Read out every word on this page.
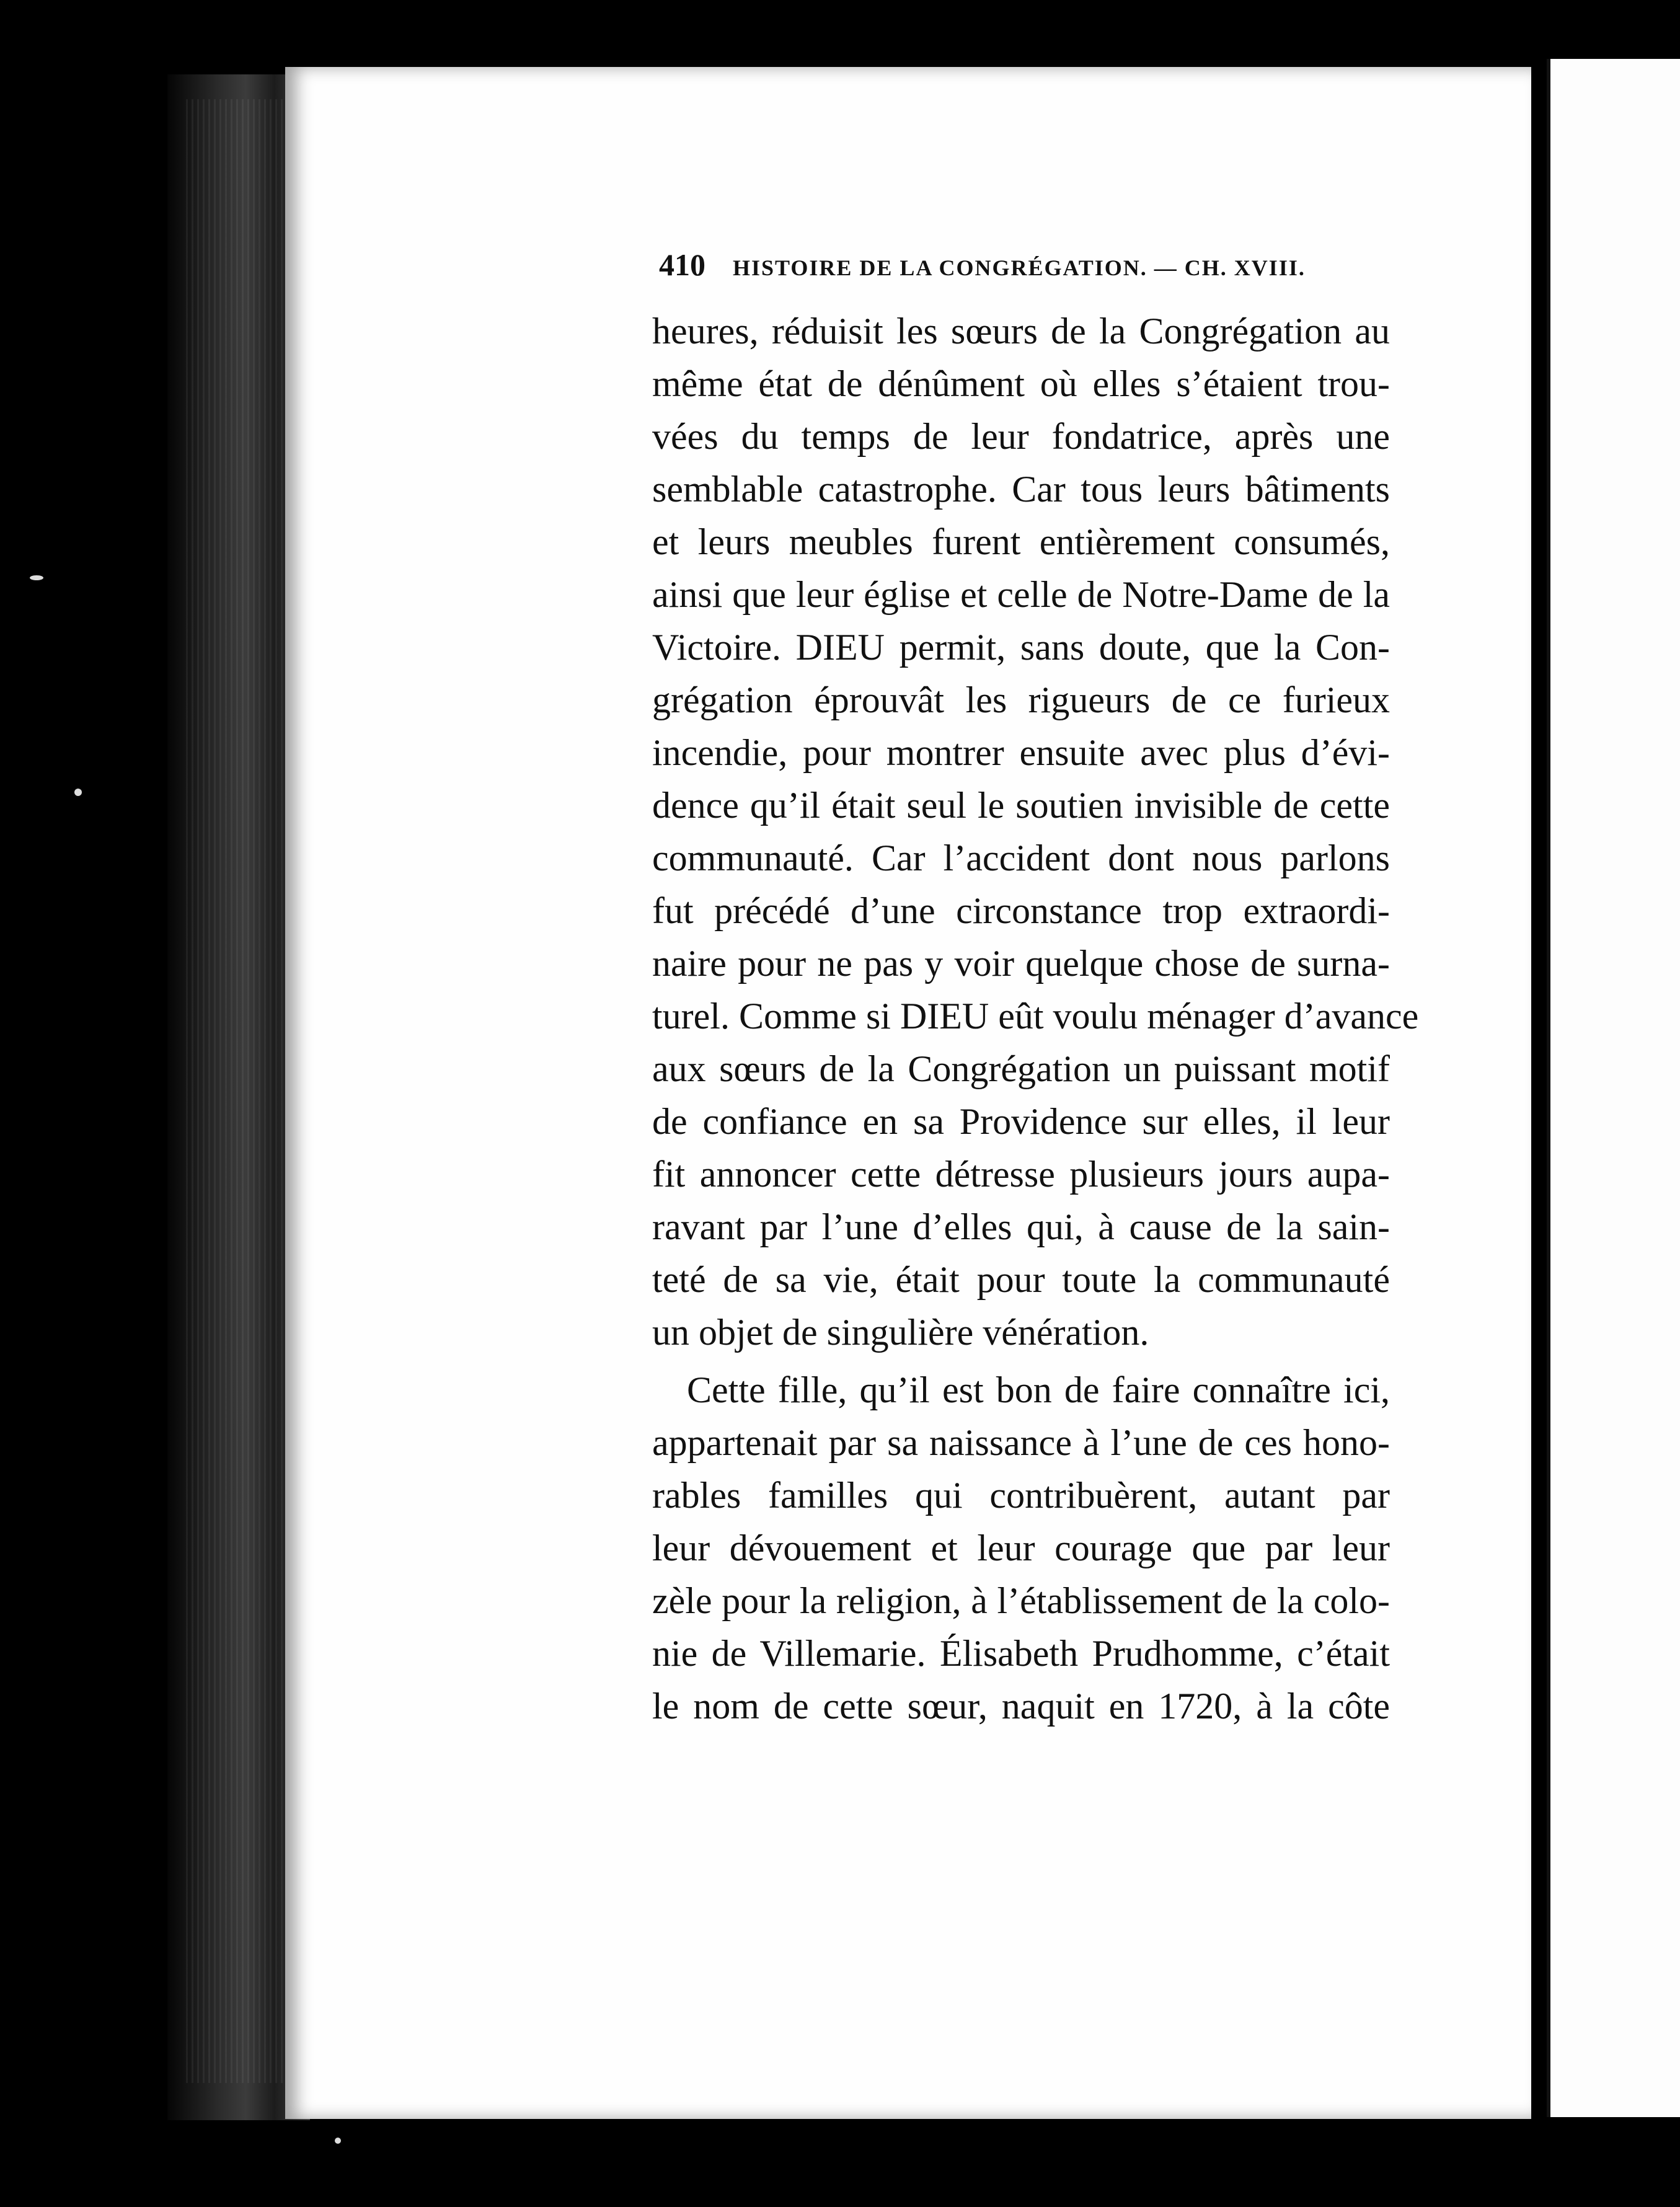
410 HISTOIRE DE LA CONGRÉGATION. — CH. XVIII.
heures, réduisit les sœurs de la Congrégation au
même état de dénûment où elles s’étaient trou-
vées du temps de leur fondatrice, après une
semblable catastrophe. Car tous leurs bâtiments
et leurs meubles furent entièrement consumés,
ainsi que leur église et celle de Notre-Dame de la
Victoire. DIEU permit, sans doute, que la Con-
grégation éprouvât les rigueurs de ce furieux
incendie, pour montrer ensuite avec plus d’évi-
dence qu’il était seul le soutien invisible de cette
communauté. Car l’accident dont nous parlons
fut précédé d’une circonstance trop extraordi-
naire pour ne pas y voir quelque chose de surna-
turel. Comme si DIEU eût voulu ménager d’avance
aux sœurs de la Congrégation un puissant motif
de confiance en sa Providence sur elles, il leur
fit annoncer cette détresse plusieurs jours aupa-
ravant par l’une d’elles qui, à cause de la sain-
teté de sa vie, était pour toute la communauté
un objet de singulière vénération.
Cette fille, qu’il est bon de faire connaître ici,
appartenait par sa naissance à l’une de ces hono-
rables familles qui contribuèrent, autant par
leur dévouement et leur courage que par leur
zèle pour la religion, à l’établissement de la colo-
nie de Villemarie. Élisabeth Prudhomme, c’était
le nom de cette sœur, naquit en 1720, à la côte
